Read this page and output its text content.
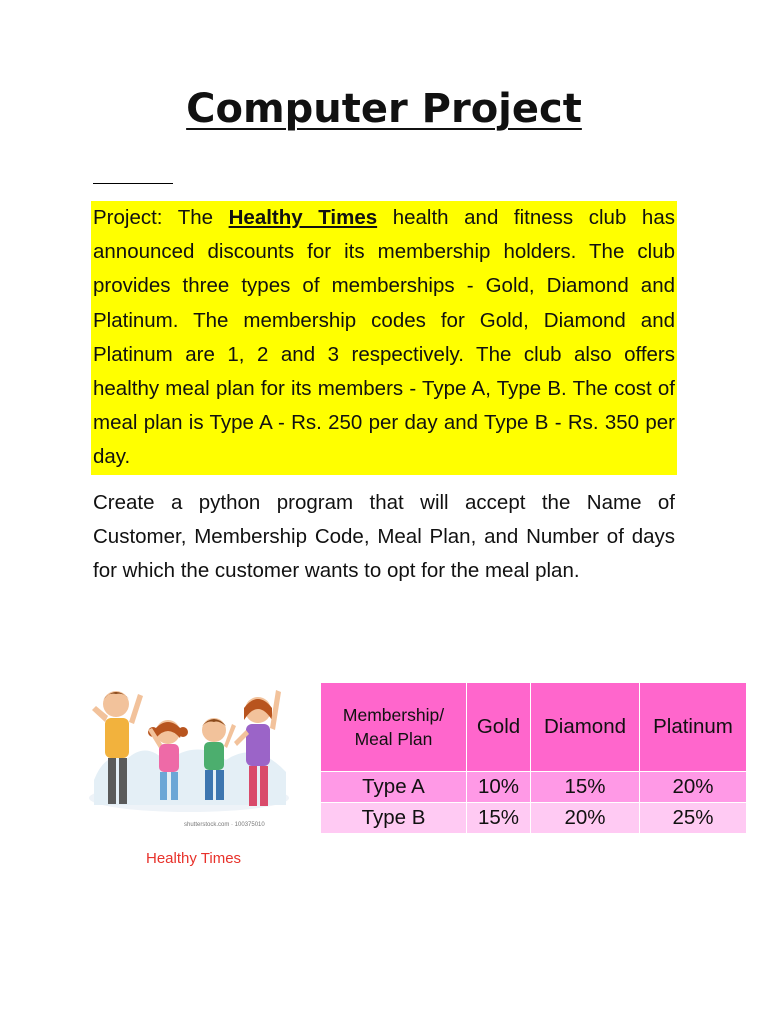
Computer Project
Project: The Healthy Times health and fitness club has announced discounts for its membership holders. The club provides three types of memberships - Gold, Diamond and Platinum. The membership codes for Gold, Diamond and Platinum are 1, 2 and 3 respectively. The club also offers healthy meal plan for its members - Type A, Type B. The cost of meal plan is Type A - Rs. 250 per day and Type B - Rs. 350 per day.
Create a python program that will accept the Name of Customer, Membership Code, Meal Plan, and Number of days for which the customer wants to opt for the meal plan.
shutterstock.com · 100375010
Healthy Times
Membership/
Meal Plan	Gold	Diamond	Platinum
Type A	10%	15%	20%
Type B	15%	20%	25%
